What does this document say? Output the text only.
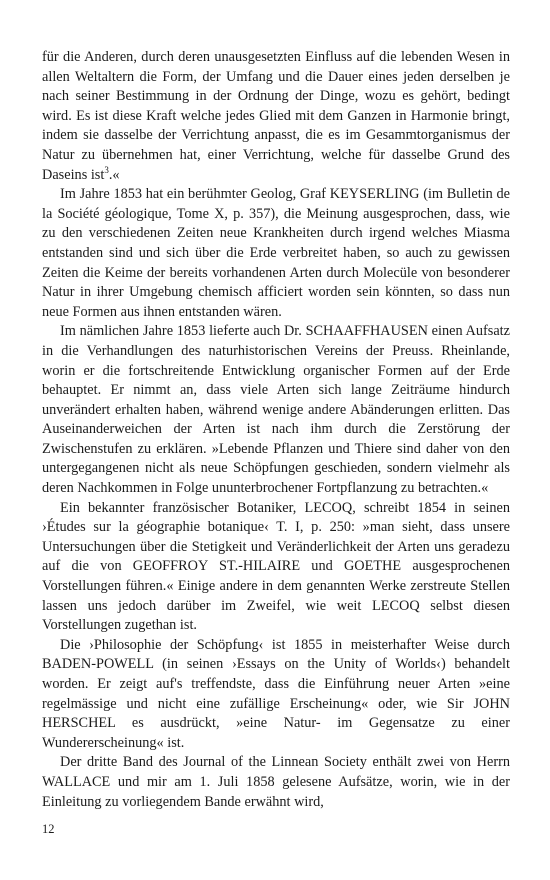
für die Anderen, durch deren unausgesetzten Einfluss auf die lebenden Wesen in allen Weltaltern die Form, der Umfang und die Dauer eines jeden derselben je nach seiner Bestimmung in der Ordnung der Dinge, wozu es gehört, bedingt wird. Es ist diese Kraft welche jedes Glied mit dem Ganzen in Harmonie bringt, indem sie dasselbe der Verrichtung anpasst, die es im Gesammtorganismus der Natur zu übernehmen hat, einer Verrichtung, welche für dasselbe Grund des Daseins ist$^3$.«

Im Jahre 1853 hat ein berühmter Geolog, Graf KEYSERLING (im Bulletin de la Société géologique, Tome X, p. 357), die Meinung ausgesprochen, dass, wie zu den verschiedenen Zeiten neue Krankheiten durch irgend welches Miasma entstanden sind und sich über die Erde verbreitet haben, so auch zu gewissen Zeiten die Keime der bereits vorhandenen Arten durch Molecüle von besonderer Natur in ihrer Umgebung chemisch afficiert worden sein könnten, so dass nun neue Formen aus ihnen entstanden wären.

Im nämlichen Jahre 1853 lieferte auch Dr. SCHAAFFHAUSEN einen Aufsatz in die Verhandlungen des naturhistorischen Vereins der Preuss. Rheinlande, worin er die fortschreitende Entwicklung organischer Formen auf der Erde behauptet. Er nimmt an, dass viele Arten sich lange Zeiträume hindurch unverändert erhalten haben, während wenige andere Abänderungen erlitten. Das Auseinanderweichen der Arten ist nach ihm durch die Zerstörung der Zwischenstufen zu erklären. »Lebende Pflanzen und Thiere sind daher von den untergegangenen nicht als neue Schöpfungen geschieden, sondern vielmehr als deren Nachkommen in Folge ununterbrochener Fortpflanzung zu betrachten.«

Ein bekannter französischer Botaniker, LECOQ, schreibt 1854 in seinen ›Études sur la géographie botanique‹ T. I, p. 250: »man sieht, dass unsere Untersuchungen über die Stetigkeit und Veränderlichkeit der Arten uns geradezu auf die von GEOFFROY ST.-HILAIRE und GOETHE ausgesprochenen Vorstellungen führen.« Einige andere in dem genannten Werke zerstreute Stellen lassen uns jedoch darüber im Zweifel, wie weit LECOQ selbst diesen Vorstellungen zugethan ist.

Die ›Philosophie der Schöpfung‹ ist 1855 in meisterhafter Weise durch BADEN-POWELL (in seinen ›Essays on the Unity of Worlds‹) behandelt worden. Er zeigt auf's treffendste, dass die Einführung neuer Arten »eine regelmässige und nicht eine zufällige Erscheinung« oder, wie Sir JOHN HERSCHEL es ausdrückt, »eine Natur- im Gegensatze zu einer Wundererscheinung« ist.

Der dritte Band des Journal of the Linnean Society enthält zwei von Herrn WALLACE und mir am 1. Juli 1858 gelesene Aufsätze, worin, wie in der Einleitung zu vorliegendem Bande erwähnt wird,

12
